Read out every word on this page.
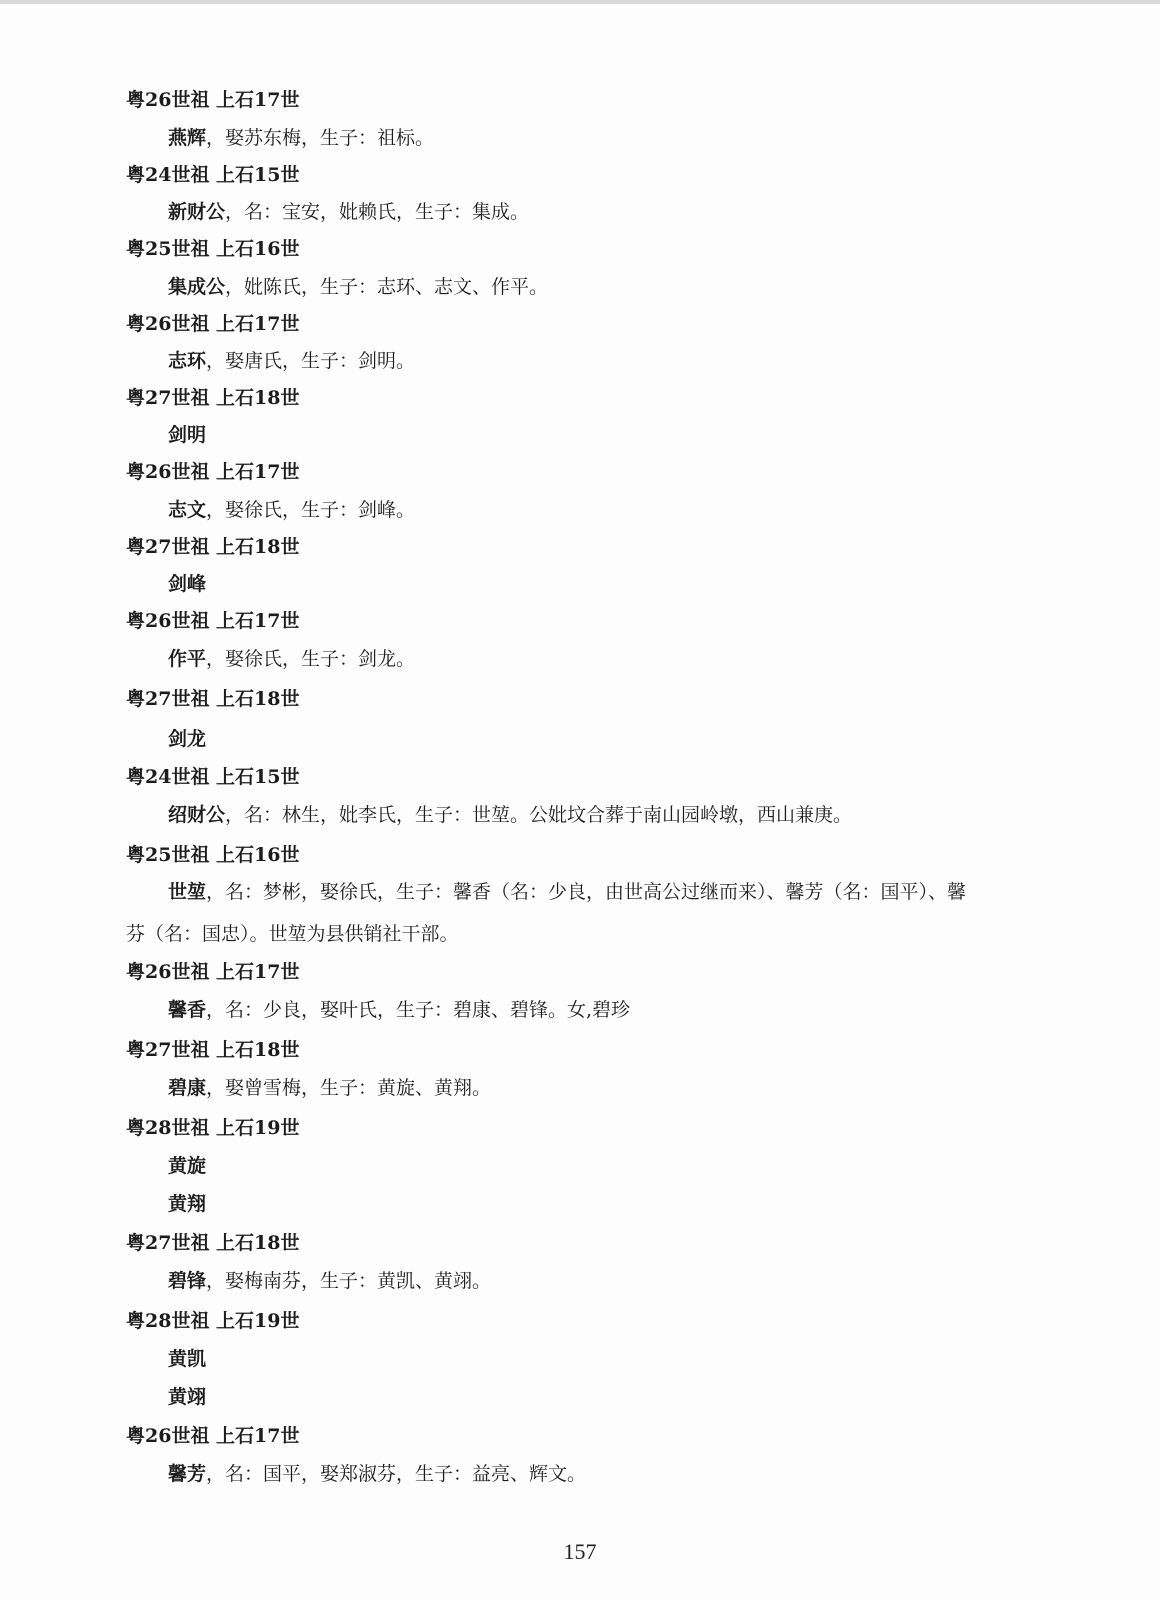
粤26世祖 上石17世
燕辉，娶苏东梅，生子：祖标。
粤24世祖 上石15世
新财公，名：宝安，妣赖氏，生子：集成。
粤25世祖 上石16世
集成公，妣陈氏，生子：志环、志文、作平。
粤26世祖 上石17世
志环，娶唐氏，生子：剑明。
粤27世祖 上石18世
剑明
粤26世祖 上石17世
志文，娶徐氏，生子：剑峰。
粤27世祖 上石18世
剑峰
粤26世祖 上石17世
作平，娶徐氏，生子：剑龙。
粤27世祖 上石18世
剑龙
粤24世祖 上石15世
绍财公，名：林生，妣李氏，生子：世堃。公妣坟合葬于南山园岭墩，西山兼庚。
粤25世祖 上石16世
世堃，名：梦彬，娶徐氏，生子：馨香（名：少良，由世高公过继而来）、馨芳（名：国平）、馨
芬（名：国忠）。世堃为县供销社干部。
粤26世祖 上石17世
馨香，名：少良，娶叶氏，生子：碧康、碧锋。女,碧珍
粤27世祖 上石18世
碧康，娶曾雪梅，生子：黄旋、黄翔。
粤28世祖 上石19世
黄旋
黄翔
粤27世祖 上石18世
碧锋，娶梅南芬，生子：黄凯、黄翊。
粤28世祖 上石19世
黄凯
黄翊
粤26世祖 上石17世
馨芳，名：国平，娶郑淑芬，生子：益亮、辉文。
157
